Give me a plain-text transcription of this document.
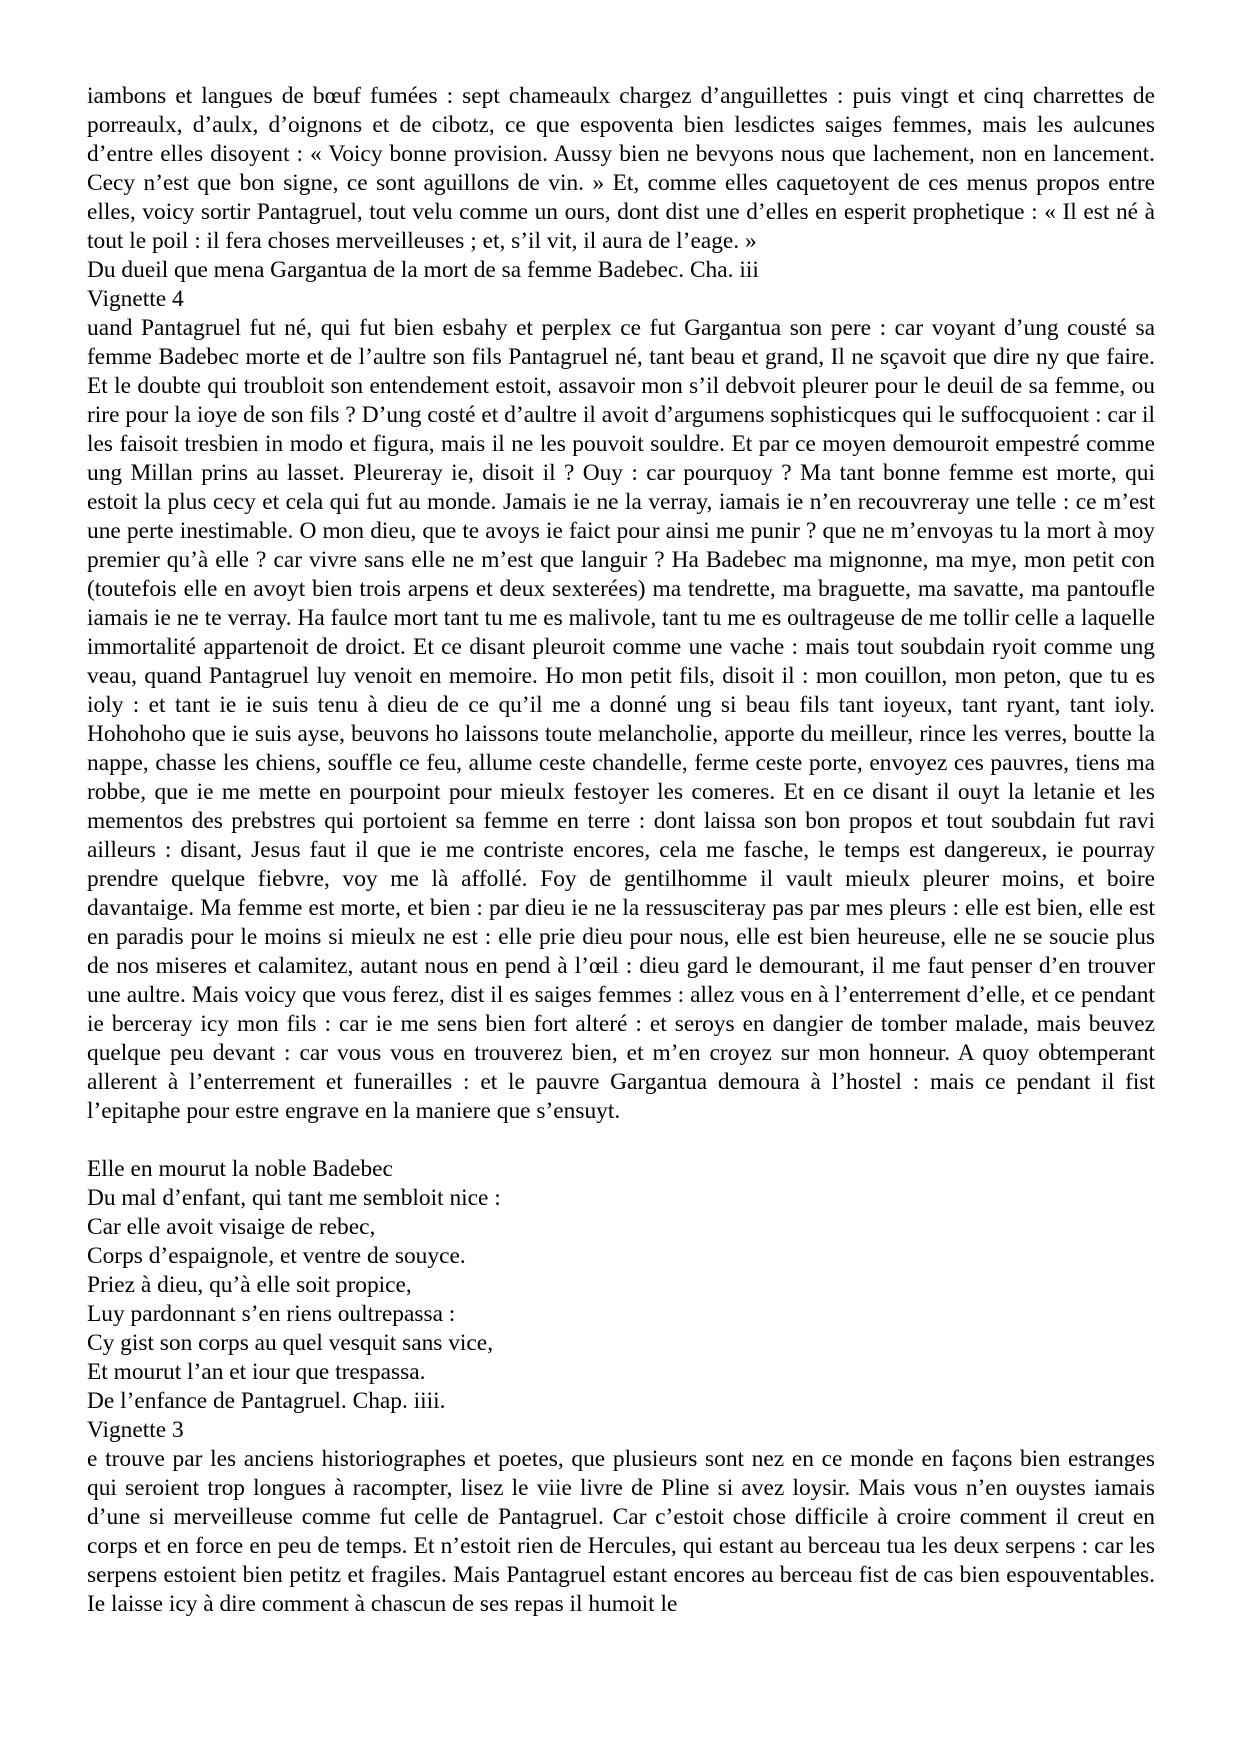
iambons et langues de bœuf fumées : sept chameaulx chargez d’anguillettes : puis vingt et cinq charrettes de porreaulx, d’aulx, d’oignons et de cibotz, ce que espoventa bien lesdictes saiges femmes, mais les aulcunes d’entre elles disoyent : « Voicy bonne provision. Aussy bien ne bevyons nous que lachement, non en lancement. Cecy n’est que bon signe, ce sont aguillons de vin. » Et, comme elles caquetoyent de ces menus propos entre elles, voicy sortir Pantagruel, tout velu comme un ours, dont dist une d’elles en esperit prophetique : « Il est né à tout le poil : il fera choses merveilleuses ; et, s’il vit, il aura de l’eage. »

Du dueil que mena Gargantua de la mort de sa femme Badebec. Cha. iii

Vignette 4

uand Pantagruel fut né, qui fut bien esbahy et perplex ce fut Gargantua son pere : car voyant d’ung cousté sa femme Badebec morte et de l’aultre son fils Pantagruel né, tant beau et grand, Il ne sçavoit que dire ny que faire. Et le doubte qui troubloit son entendement estoit, assavoir mon s’il debvoit pleurer pour le deuil de sa femme, ou rire pour la ioye de son fils ? D’ung costé et d’aultre il avoit d’argumens sophisticques qui le suffocquoient : car il les faisoit tresbien in modo et figura, mais il ne les pouvoit souldre. Et par ce moyen demouroit empestré comme ung Millan prins au lasset. Pleureray ie, disoit il ? Ouy : car pourquoy ? Ma tant bonne femme est morte, qui estoit la plus cecy et cela qui fut au monde. Jamais ie ne la verray, iamais ie n’en recouvreray une telle : ce m’est une perte inestimable. O mon dieu, que te avoys ie faict pour ainsi me punir ? que ne m’envoyas tu la mort à moy premier qu’à elle ? car vivre sans elle ne m’est que languir ? Ha Badebec ma mignonne, ma mye, mon petit con (toutefois elle en avoyt bien trois arpens et deux sexterées) ma tendrette, ma braguette, ma savatte, ma pantoufle iamais ie ne te verray. Ha faulce mort tant tu me es malivole, tant tu me es oultrageuse de me tollir celle a laquelle immortalité appartenoit de droict. Et ce disant pleuroit comme une vache : mais tout soubdain ryoit comme ung veau, quand Pantagruel luy venoit en memoire. Ho mon petit fils, disoit il : mon couillon, mon peton, que tu es ioly : et tant ie ie suis tenu à dieu de ce qu’il me a donné ung si beau fils tant ioyeux, tant ryant, tant ioly. Hohohoho que ie suis ayse, beuvons ho laissons toute melancholie, apporte du meilleur, rince les verres, boutte la nappe, chasse les chiens, souffle ce feu, allume ceste chandelle, ferme ceste porte, envoyez ces pauvres, tiens ma robbe, que ie me mette en pourpoint pour mieulx festoyer les comeres. Et en ce disant il ouyt la letanie et les mementos des prebstres qui portoient sa femme en terre : dont laissa son bon propos et tout soubdain fut ravi ailleurs : disant, Jesus faut il que ie me contriste encores, cela me fasche, le temps est dangereux, ie pourray prendre quelque fiebvre, voy me là affollé. Foy de gentilhomme il vault mieulx pleurer moins, et boire davantaige. Ma femme est morte, et bien : par dieu ie ne la ressusciteray pas par mes pleurs : elle est bien, elle est en paradis pour le moins si mieulx ne est : elle prie dieu pour nous, elle est bien heureuse, elle ne se soucie plus de nos miseres et calamitez, autant nous en pend à l’œil : dieu gard le demourant, il me faut penser d’en trouver une aultre. Mais voicy que vous ferez, dist il es saiges femmes : allez vous en à l’enterrement d’elle, et ce pendant ie berceray icy mon fils : car ie me sens bien fort alteré : et seroys en dangier de tomber malade, mais beuvez quelque peu devant : car vous vous en trouverez bien, et m’en croyez sur mon honneur. A quoy obtemperant allerent à l’enterrement et funerailles : et le pauvre Gargantua demoura à l’hostel : mais ce pendant il fist l’epitaphe pour estre engrave en la maniere que s’ensuyt.

Elle en mourut la noble Badebec

Du mal d’enfant, qui tant me sembloit nice :

Car elle avoit visaige de rebec,

Corps d’espaignole, et ventre de souyce.

Priez à dieu, qu’à elle soit propice,

Luy pardonnant s’en riens oultrepassa :

Cy gist son corps au quel vesquit sans vice,

Et mourut l’an et iour que trespassa.

De l’enfance de Pantagruel. Chap. iiii.

Vignette 3

e trouve par les anciens historiographes et poetes, que plusieurs sont nez en ce monde en façons bien estranges qui seroient trop longues à racompter, lisez le viie livre de Pline si avez loysir. Mais vous n’en ouystes iamais d’une si merveilleuse comme fut celle de Pantagruel. Car c’estoit chose difficile à croire comment il creut en corps et en force en peu de temps. Et n’estoit rien de Hercules, qui estant au berceau tua les deux serpens : car les serpens estoient bien petitz et fragiles. Mais Pantagruel estant encores au berceau fist de cas bien espouventables. Ie laisse icy à dire comment à chascun de ses repas il humoit le
